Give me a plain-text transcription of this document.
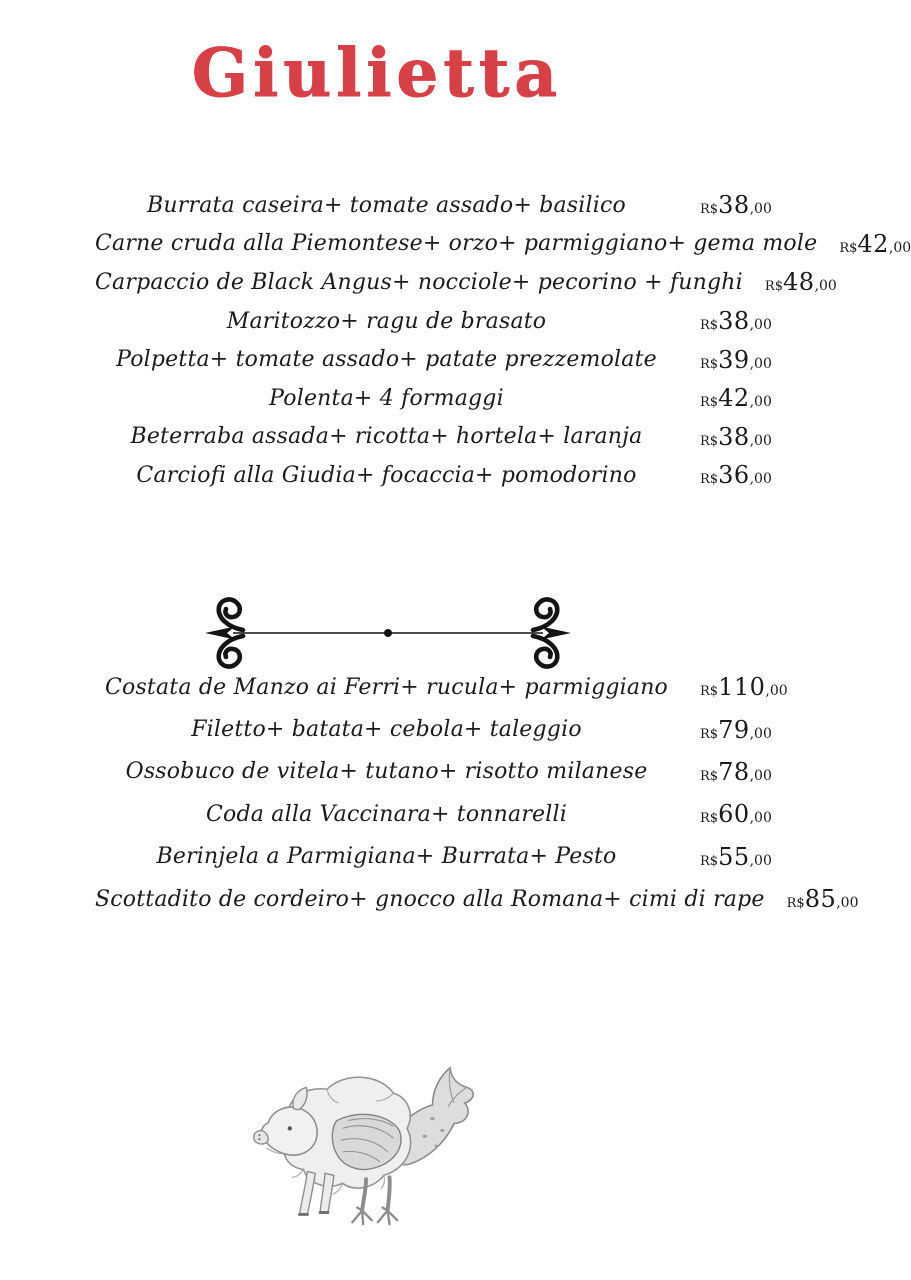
Giulietta
Burrata caseira+ tomate assado+ basilico	R$38,00
Carne cruda alla Piemontese+ orzo+ parmiggiano+ gema mole R$42,00
Carpaccio de Black Angus+ nocciole+ pecorino + funghi R$48,00
Maritozzo+ ragu de brasato	R$38,00
Polpetta+ tomate assado+ patate prezzemolate	R$39,00
Polenta+ 4 formaggi	R$42,00
Beterraba assada+ ricotta+ hortela+ laranja	R$38,00
Carciofi alla Giudia+ focaccia+ pomodorino	R$36,00
Costata de Manzo ai Ferri+ rucula+ parmiggiano	R$110,00
Filetto+ batata+ cebola+ taleggio	R$79,00
Ossobuco de vitela+ tutano+ risotto milanese	R$78,00
Coda alla Vaccinara+ tonnarelli	R$60,00
Berinjela a Parmigiana+ Burrata+ Pesto	R$55,00
Scottadito de cordeiro+ gnocco alla Romana+ cimi di rape R$85,00
